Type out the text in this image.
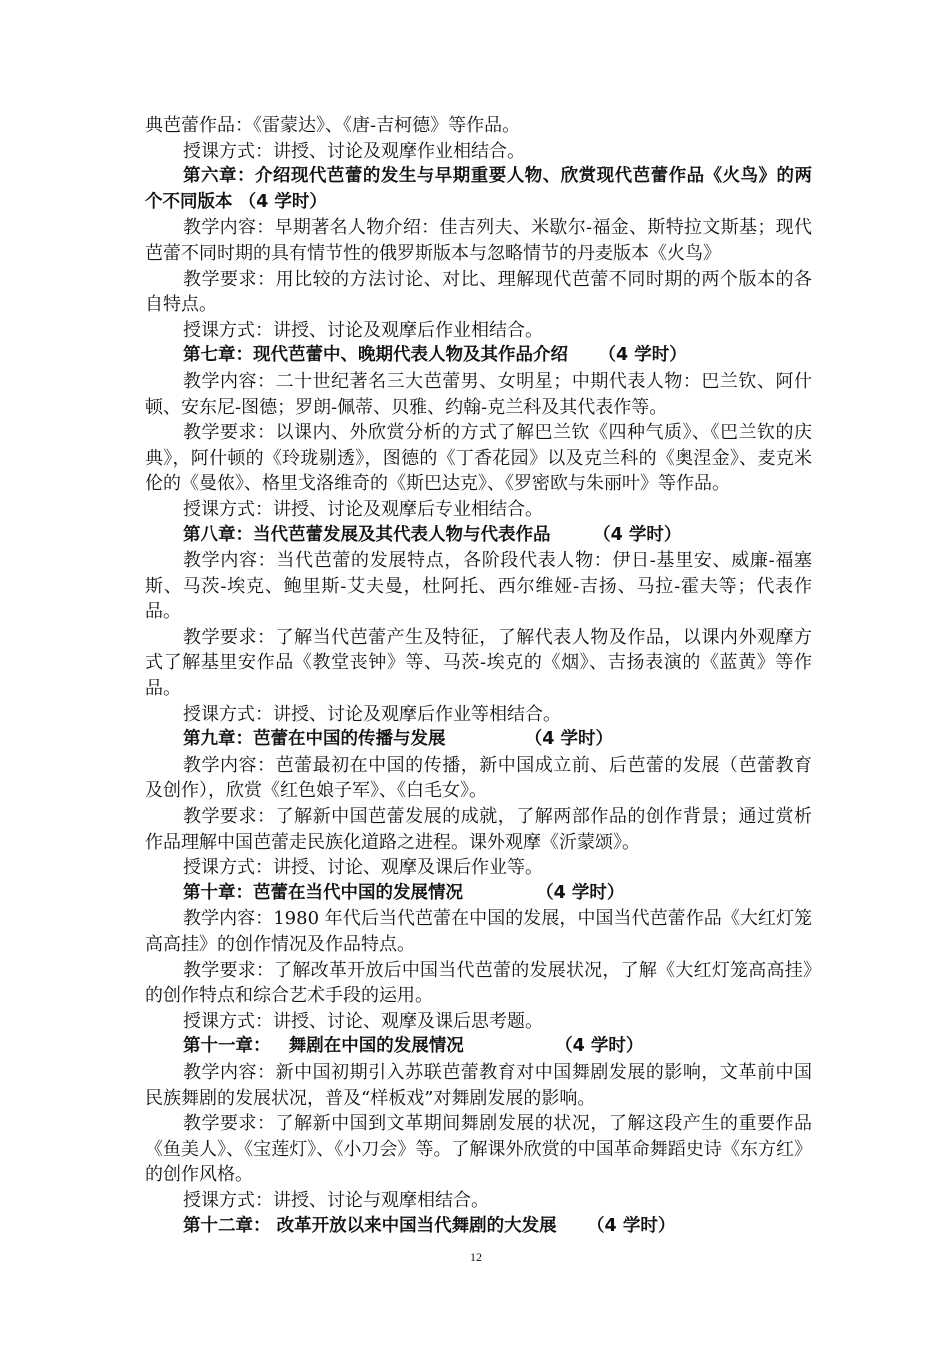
典芭蕾作品：《雷蒙达》、《唐-吉柯德》等作品。

授课方式：讲授、讨论及观摩作业相结合。

第六章：介绍现代芭蕾的发生与早期重要人物、欣赏现代芭蕾作品《火鸟》的两个不同版本 （4 学时）

教学内容：早期著名人物介绍：佳吉列夫、米歇尔-福金、斯特拉文斯基；现代芭蕾不同时期的具有情节性的俄罗斯版本与忽略情节的丹麦版本《火鸟》

教学要求：用比较的方法讨论、对比、理解现代芭蕾不同时期的两个版本的各自特点。

授课方式：讲授、讨论及观摩后作业相结合。

第七章：现代芭蕾中、晚期代表人物及其作品介绍     （4 学时）

教学内容：二十世纪著名三大芭蕾男、女明星；中期代表人物：巴兰钦、阿什顿、安东尼-图德；罗朗-佩蒂、贝雅、约翰-克兰科及其代表作等。

教学要求：以课内、外欣赏分析的方式了解巴兰钦《四种气质》、《巴兰钦的庆典》，阿什顿的《玲珑剔透》，图德的《丁香花园》以及克兰科的《奥涅金》、麦克米伦的《曼侬》、格里戈洛维奇的《斯巴达克》、《罗密欧与朱丽叶》等作品。

授课方式：讲授、讨论及观摩后专业相结合。

第八章：当代芭蕾发展及其代表人物与代表作品       （4 学时）

教学内容：当代芭蕾的发展特点，各阶段代表人物：伊日-基里安、威廉-福塞斯、马茨-埃克、鲍里斯-艾夫曼，杜阿托、西尔维娅-吉扬、马拉-霍夫等；代表作品。

教学要求：了解当代芭蕾产生及特征，了解代表人物及作品，以课内外观摩方式了解基里安作品《教堂丧钟》等、马茨-埃克的《烟》、吉扬表演的《蓝黄》等作品。

授课方式：讲授、讨论及观摩后作业等相结合。

第九章：芭蕾在中国的传播与发展             （4 学时）

教学内容：芭蕾最初在中国的传播，新中国成立前、后芭蕾的发展（芭蕾教育及创作），欣赏《红色娘子军》、《白毛女》。

教学要求：了解新中国芭蕾发展的成就，了解两部作品的创作背景；通过赏析作品理解中国芭蕾走民族化道路之进程。课外观摩《沂蒙颂》。

授课方式：讲授、讨论、观摩及课后作业等。

第十章：芭蕾在当代中国的发展情况            （4 学时）

教学内容：1980 年代后当代芭蕾在中国的发展，中国当代芭蕾作品《大红灯笼高高挂》的创作情况及作品特点。

教学要求：了解改革开放后中国当代芭蕾的发展状况，了解《大红灯笼高高挂》的创作特点和综合艺术手段的运用。

授课方式：讲授、讨论、观摩及课后思考题。

第十一章：   舞剧在中国的发展情况               （4 学时）

教学内容：新中国初期引入苏联芭蕾教育对中国舞剧发展的影响，文革前中国民族舞剧的发展状况，普及“样板戏”对舞剧发展的影响。

教学要求：了解新中国到文革期间舞剧发展的状况，了解这段产生的重要作品《鱼美人》、《宝莲灯》、《小刀会》等。了解课外欣赏的中国革命舞蹈史诗《东方红》的创作风格。

授课方式：讲授、讨论与观摩相结合。

第十二章： 改革开放以来中国当代舞剧的大发展     （4 学时）

12
